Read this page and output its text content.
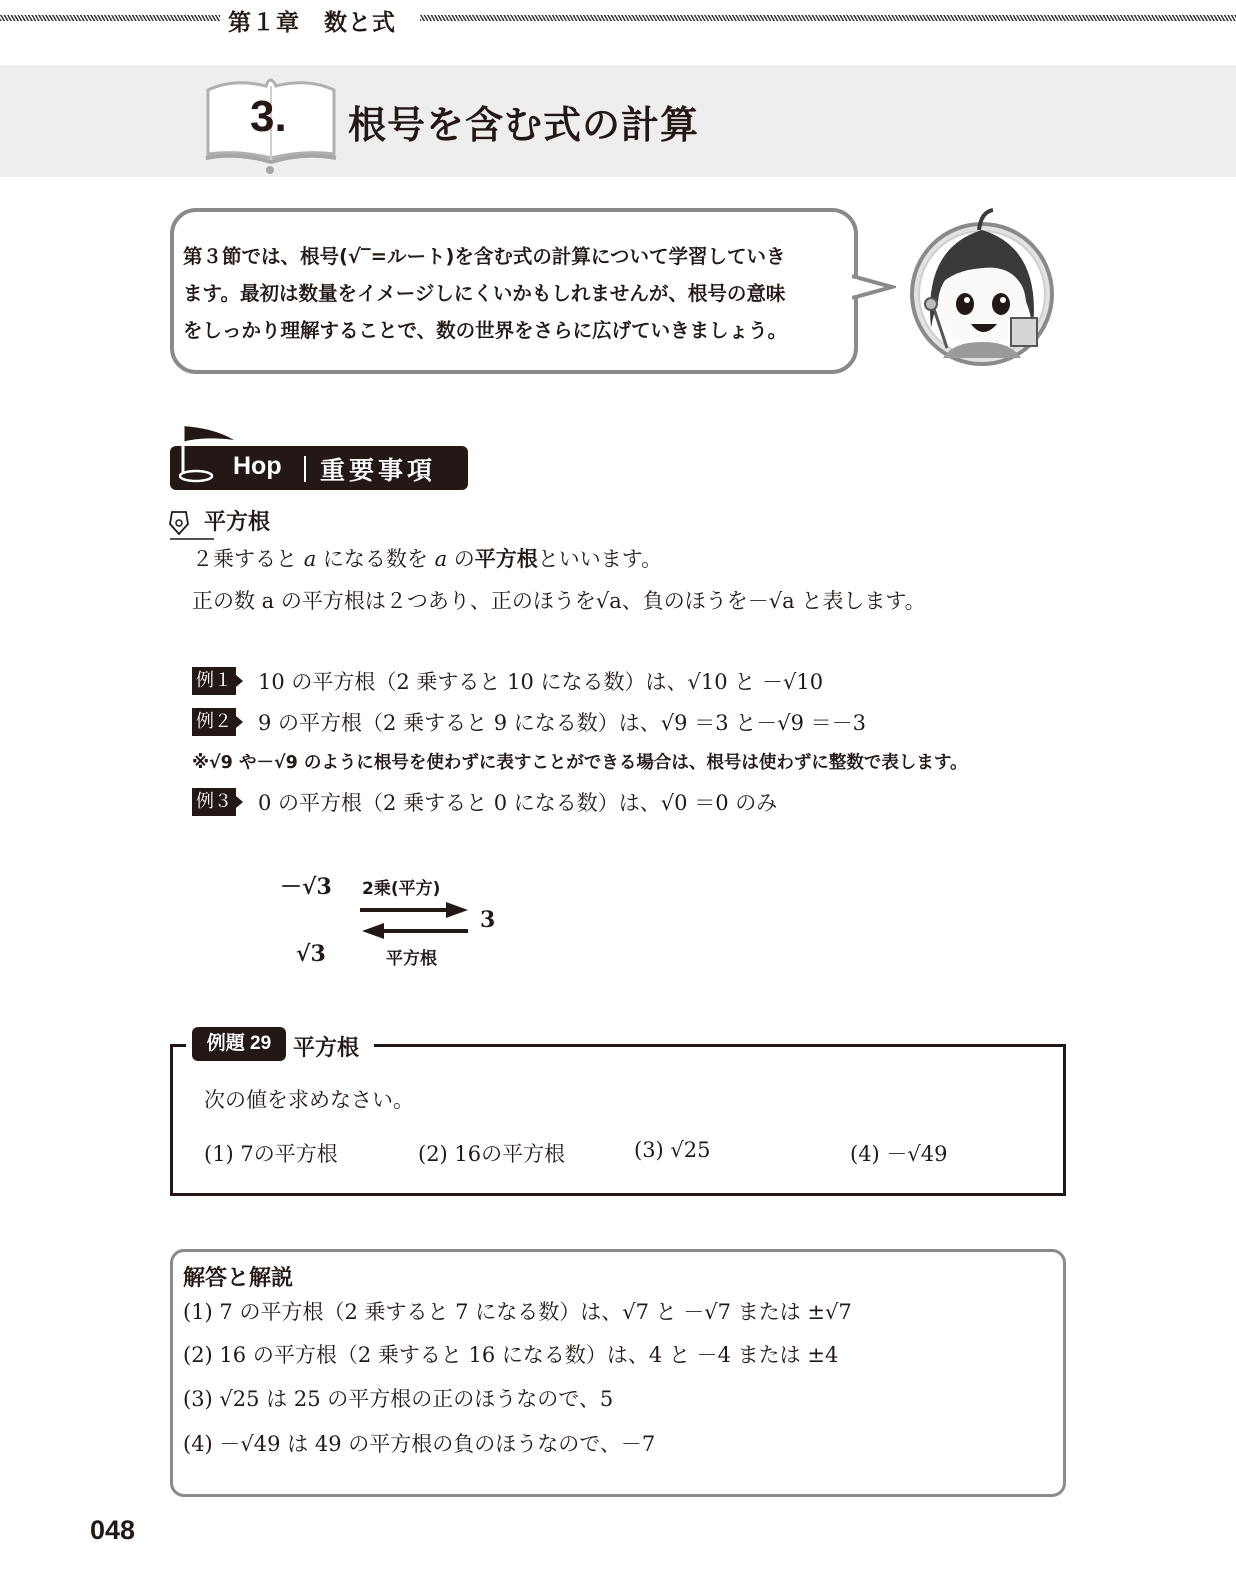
第１章　数と式
3. 根号を含む式の計算
第３節では、根号(√‾=ルート)を含む式の計算について学習していき
ます。最初は数量をイメージしにくいかもしれませんが、根号の意味
をしっかり理解することで、数の世界をさらに広げていきましょう。
Hop 重要事項
平方根
２乗すると a になる数を a の平方根といいます。
正の数 a の平方根は２つあり、正のほうを√a、負のほうを－√a と表します。
例１ 10 の平方根（2 乗すると 10 になる数）は、√10 と －√10
例２ 9 の平方根（2 乗すると 9 になる数）は、√9 ＝3 と－√9 ＝－3
※√9 や－√9 のように根号を使わずに表すことができる場合は、根号は使わずに整数で表します。
例３ 0 の平方根（2 乗すると 0 になる数）は、√0 ＝0 のみ
－√3
√3
3
2乗(平方)
平方根
例題 29 平方根
次の値を求めなさい。
(1) 7の平方根	(2) 16の平方根	(3) √25	(4) －√49
解答と解説
(1) 7 の平方根（2 乗すると 7 になる数）は、√7 と －√7 または ±√7
(2) 16 の平方根（2 乗すると 16 になる数）は、4 と －4 または ±4
(3) √25 は 25 の平方根の正のほうなので、5
(4) －√49 は 49 の平方根の負のほうなので、－7
048
